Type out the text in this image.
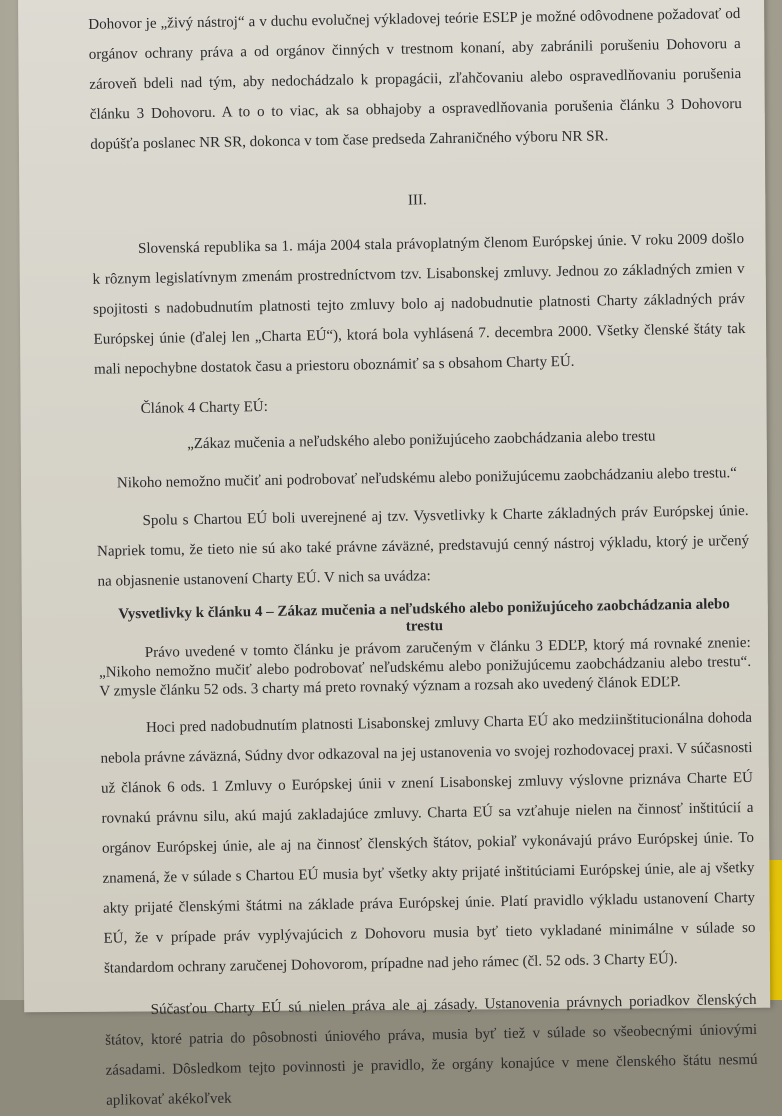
Dohovor je „živý nástroj“ a v duchu evolučnej výkladovej teórie ESĽP je možné odôvodnene požadovať od orgánov ochrany práva a od orgánov činných v trestnom konaní, aby zabránili porušeniu Dohovoru a zároveň bdeli nad tým, aby nedochádzalo k propagácii, zľahčovaniu alebo ospravedlňovaniu porušenia článku 3 Dohovoru. A to o to viac, ak sa obhajoby a ospravedlňovania porušenia článku 3 Dohovoru dopúšťa poslanec NR SR, dokonca v tom čase predseda Zahraničného výboru NR SR.

III.

Slovenská republika sa 1. mája 2004 stala právoplatným členom Európskej únie. V roku 2009 došlo k rôznym legislatívnym zmenám prostredníctvom tzv. Lisabonskej zmluvy. Jednou zo základných zmien v spojitosti s nadobudnutím platnosti tejto zmluvy bolo aj nadobudnutie platnosti Charty základných práv Európskej únie (ďalej len „Charta EÚ“), ktorá bola vyhlásená 7. decembra 2000. Všetky členské štáty tak mali nepochybne dostatok času a priestoru oboznámiť sa s obsahom Charty EÚ.

Článok 4 Charty EÚ:

„Zákaz mučenia a neľudského alebo ponižujúceho zaobchádzania alebo trestu

Nikoho nemožno mučiť ani podrobovať neľudskému alebo ponižujúcemu zaobchádzaniu alebo trestu.“

Spolu s Chartou EÚ boli uverejnené aj tzv. Vysvetlivky k Charte základných práv Európskej únie. Napriek tomu, že tieto nie sú ako také právne záväzné, predstavujú cenný nástroj výkladu, ktorý je určený na objasnenie ustanovení Charty EÚ. V nich sa uvádza:

Vysvetlivky k článku 4 – Zákaz mučenia a neľudského alebo ponižujúceho zaobchádzania alebo trestu

Právo uvedené v tomto článku je právom zaručeným v článku 3 EDĽP, ktorý má rovnaké znenie: „Nikoho nemožno mučiť alebo podrobovať neľudskému alebo ponižujúcemu zaobchádzaniu alebo trestu“. V zmysle článku 52 ods. 3 charty má preto rovnaký význam a rozsah ako uvedený článok EDĽP.

Hoci pred nadobudnutím platnosti Lisabonskej zmluvy Charta EÚ ako medziinštitucionálna dohoda nebola právne záväzná, Súdny dvor odkazoval na jej ustanovenia vo svojej rozhodovacej praxi. V súčasnosti už článok 6 ods. 1 Zmluvy o Európskej únii v znení Lisabonskej zmluvy výslovne priznáva Charte EÚ rovnakú právnu silu, akú majú zakladajúce zmluvy. Charta EÚ sa vzťahuje nielen na činnosť inštitúcií a orgánov Európskej únie, ale aj na činnosť členských štátov, pokiaľ vykonávajú právo Európskej únie. To znamená, že v súlade s Chartou EÚ musia byť všetky akty prijaté inštitúciami Európskej únie, ale aj všetky akty prijaté členskými štátmi na základe práva Európskej únie. Platí pravidlo výkladu ustanovení Charty EÚ, že v prípade práv vyplývajúcich z Dohovoru musia byť tieto vykladané minimálne v súlade so štandardom ochrany zaručenej Dohovorom, prípadne nad jeho rámec (čl. 52 ods. 3 Charty EÚ).

Súčasťou Charty EÚ sú nielen práva ale aj zásady. Ustanovenia právnych poriadkov členských štátov, ktoré patria do pôsobnosti úniového práva, musia byť tiež v súlade so všeobecnými úniovými zásadami. Dôsledkom tejto povinnosti je pravidlo, že orgány konajúce v mene členského štátu nesmú aplikovať akékoľvek
